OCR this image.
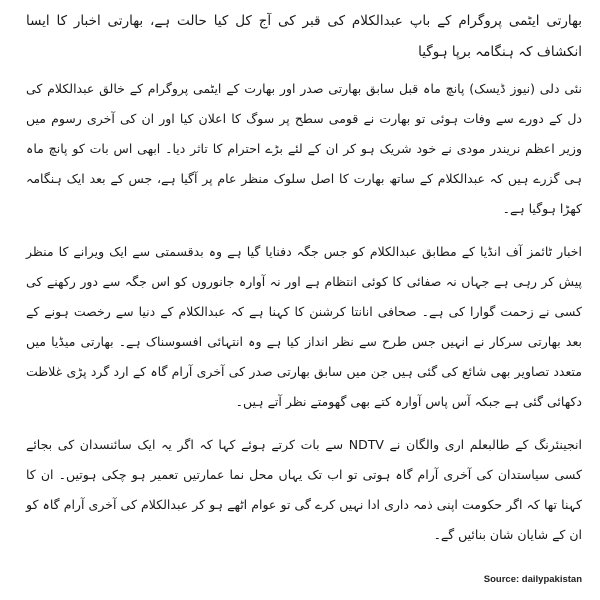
بھارتی ایٹمی پروگرام کے باپ عبدالکلام کی قبر کی آج کل کیا حالت ہے، بھارتی اخبار کا ایسا انکشاف کہ ہنگامہ برپا ہوگیا

نئی دلی (نیوز ڈیسک) پانچ ماہ قبل سابق بھارتی صدر اور بھارت کے ایٹمی پروگرام کے خالق عبدالکلام کی دل کے دورے سے وفات ہوئی تو بھارت نے قومی سطح پر سوگ کا اعلان کیا اور ان کی آخری رسوم میں وزیر اعظم نریندر مودی نے خود شریک ہو کر ان کے لئے بڑے احترام کا تاثر دیا۔ ابھی اس بات کو پانچ ماہ ہی گزرے ہیں کہ عبدالکلام کے ساتھ بھارت کا اصل سلوک منظر عام پر آگیا ہے، جس کے بعد ایک ہنگامہ کھڑا ہوگیا ہے۔

اخبار ٹائمز آف انڈیا کے مطابق عبدالکلام کو جس جگہ دفنایا گیا ہے وہ بدقسمتی سے ایک ویرانے کا منظر پیش کر رہی ہے جہاں نہ صفائی کا کوئی انتظام ہے اور نہ آوارہ جانوروں کو اس جگہ سے دور رکھنے کی کسی نے زحمت گوارا کی ہے۔ صحافی انانتا کرشنن کا کہنا ہے کہ عبدالکلام کے دنیا سے رخصت ہونے کے بعد بھارتی سرکار نے انہیں جس طرح سے نظر انداز کیا ہے وہ انتہائی افسوسناک ہے۔ بھارتی میڈیا میں متعدد تصاویر بھی شائع کی گئی ہیں جن میں سابق بھارتی صدر کی آخری آرام گاہ کے ارد گرد پڑی غلاظت دکھائی گئی ہے جبکہ آس پاس آوارہ کتے بھی گھومتے نظر آتے ہیں۔

انجینئرنگ کے طالبعلم اری والگان نے NDTV سے بات کرتے ہوئے کہا کہ اگر یہ ایک سائنسدان کی بجائے کسی سیاستدان کی آخری آرام گاہ ہوتی تو اب تک یہاں محل نما عمارتیں تعمیر ہو چکی ہوتیں۔ ان کا کہنا تھا کہ اگر حکومت اپنی ذمہ داری ادا نہیں کرے گی تو عوام اٹھے ہو کر عبدالکلام کی آخری آرام گاہ کو ان کے شایان شان بنائیں گے۔

Source: dailypakistan
